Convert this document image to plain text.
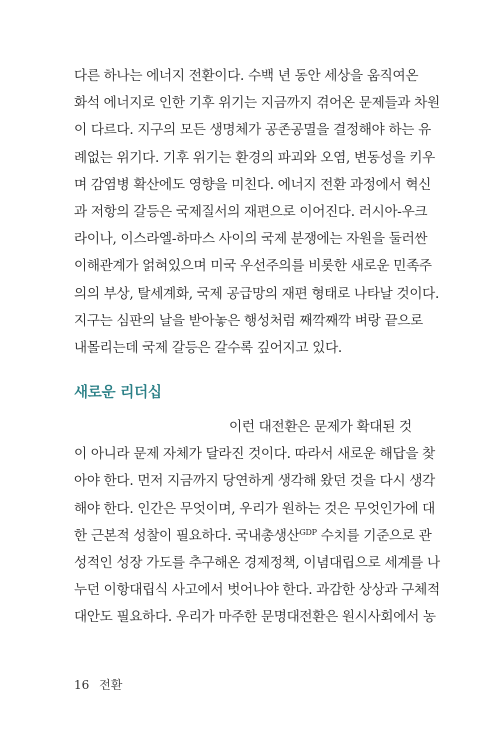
다른 하나는 에너지 전환이다. 수백 년 동안 세상을 움직여온
화석 에너지로 인한 기후 위기는 지금까지 겪어온 문제들과 차원
이 다르다. 지구의 모든 생명체가 공존공멸을 결정해야 하는 유
례없는 위기다. 기후 위기는 환경의 파괴와 오염, 변동성을 키우
며 감염병 확산에도 영향을 미친다. 에너지 전환 과정에서 혁신
과 저항의 갈등은 국제질서의 재편으로 이어진다. 러시아-우크
라이나, 이스라엘-하마스 사이의 국제 분쟁에는 자원을 둘러싼
이해관계가 얽혀있으며 미국 우선주의를 비롯한 새로운 민족주
의의 부상, 탈세계화, 국제 공급망의 재편 형태로 나타날 것이다.
지구는 심판의 날을 받아놓은 행성처럼 째깍째깍 벼랑 끝으로
내몰리는데 국제 갈등은 갈수록 깊어지고 있다.

새로운 리더십

이런 대전환은 문제가 확대된 것
이 아니라 문제 자체가 달라진 것이다. 따라서 새로운 해답을 찾
아야 한다. 먼저 지금까지 당연하게 생각해 왔던 것을 다시 생각
해야 한다. 인간은 무엇이며, 우리가 원하는 것은 무엇인가에 대
한 근본적 성찰이 필요하다. 국내총생산$^{GDP}$ 수치를 기준으로 관
성적인 성장 가도를 추구해온 경제정책, 이념대립으로 세계를 나
누던 이항대립식 사고에서 벗어나야 한다. 과감한 상상과 구체적
대안도 필요하다. 우리가 마주한 문명대전환은 원시사회에서 농

16 전환
